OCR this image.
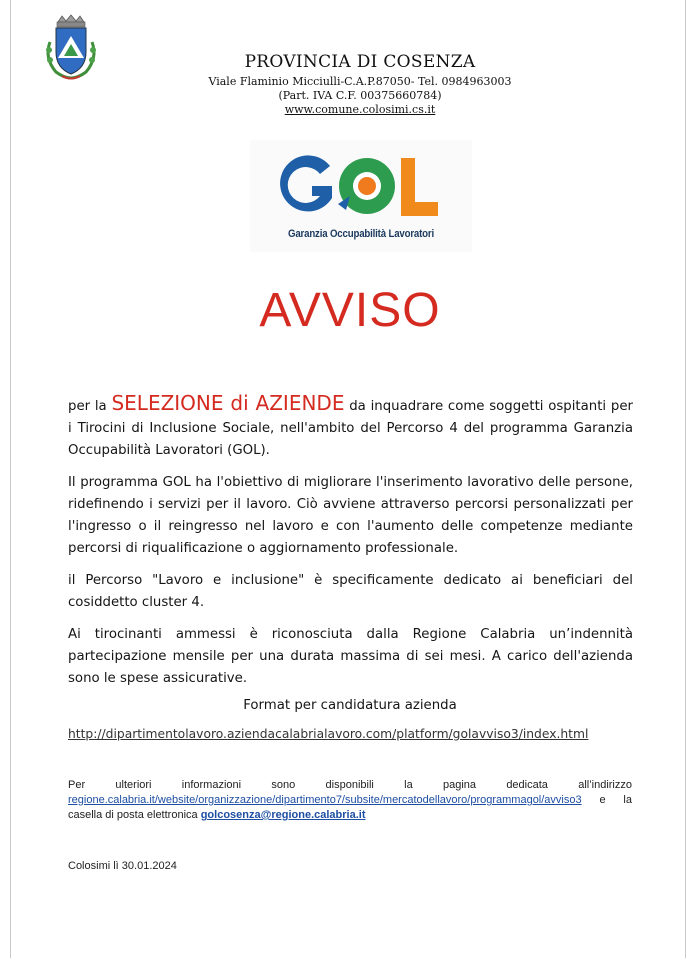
PROVINCIA DI COSENZA
Viale Flaminio Micciulli-C.A.P.87050- Tel. 0984963003
(Part. IVA C.F. 00375660784)
www.comune.colosimi.cs.it
GOL
Garanzia Occupabilità Lavoratori
AVVISO

per la SELEZIONE di AZIENDE da inquadrare come soggetti ospitanti per i Tirocini di Inclusione Sociale, nell'ambito del Percorso 4 del programma Garanzia Occupabilità Lavoratori (GOL).

Il programma GOL ha l'obiettivo di migliorare l'inserimento lavorativo delle persone, ridefinendo i servizi per il lavoro. Ciò avviene attraverso percorsi personalizzati per l'ingresso o il reingresso nel lavoro e con l'aumento delle competenze mediante percorsi di riqualificazione o aggiornamento professionale.

il Percorso "Lavoro e inclusione" è specificamente dedicato ai beneficiari del cosiddetto cluster 4.

Ai tirocinanti ammessi è riconosciuta dalla Regione Calabria un’indennità partecipazione mensile per una durata massima di sei mesi. A carico dell'azienda sono le spese assicurative.

Format per candidatura azienda
http://dipartimentolavoro.aziendacalabrialavoro.com/platform/golavviso3/index.html
Per ulteriori informazioni sono disponibili la pagina dedicata all’indirizzo regione.calabria.it/website/organizzazione/dipartimento7/subsite/mercatodellavoro/programmagol/avviso3 e la casella di posta elettronica golcosenza@regione.calabria.it
Colosimi lì 30.01.2024
